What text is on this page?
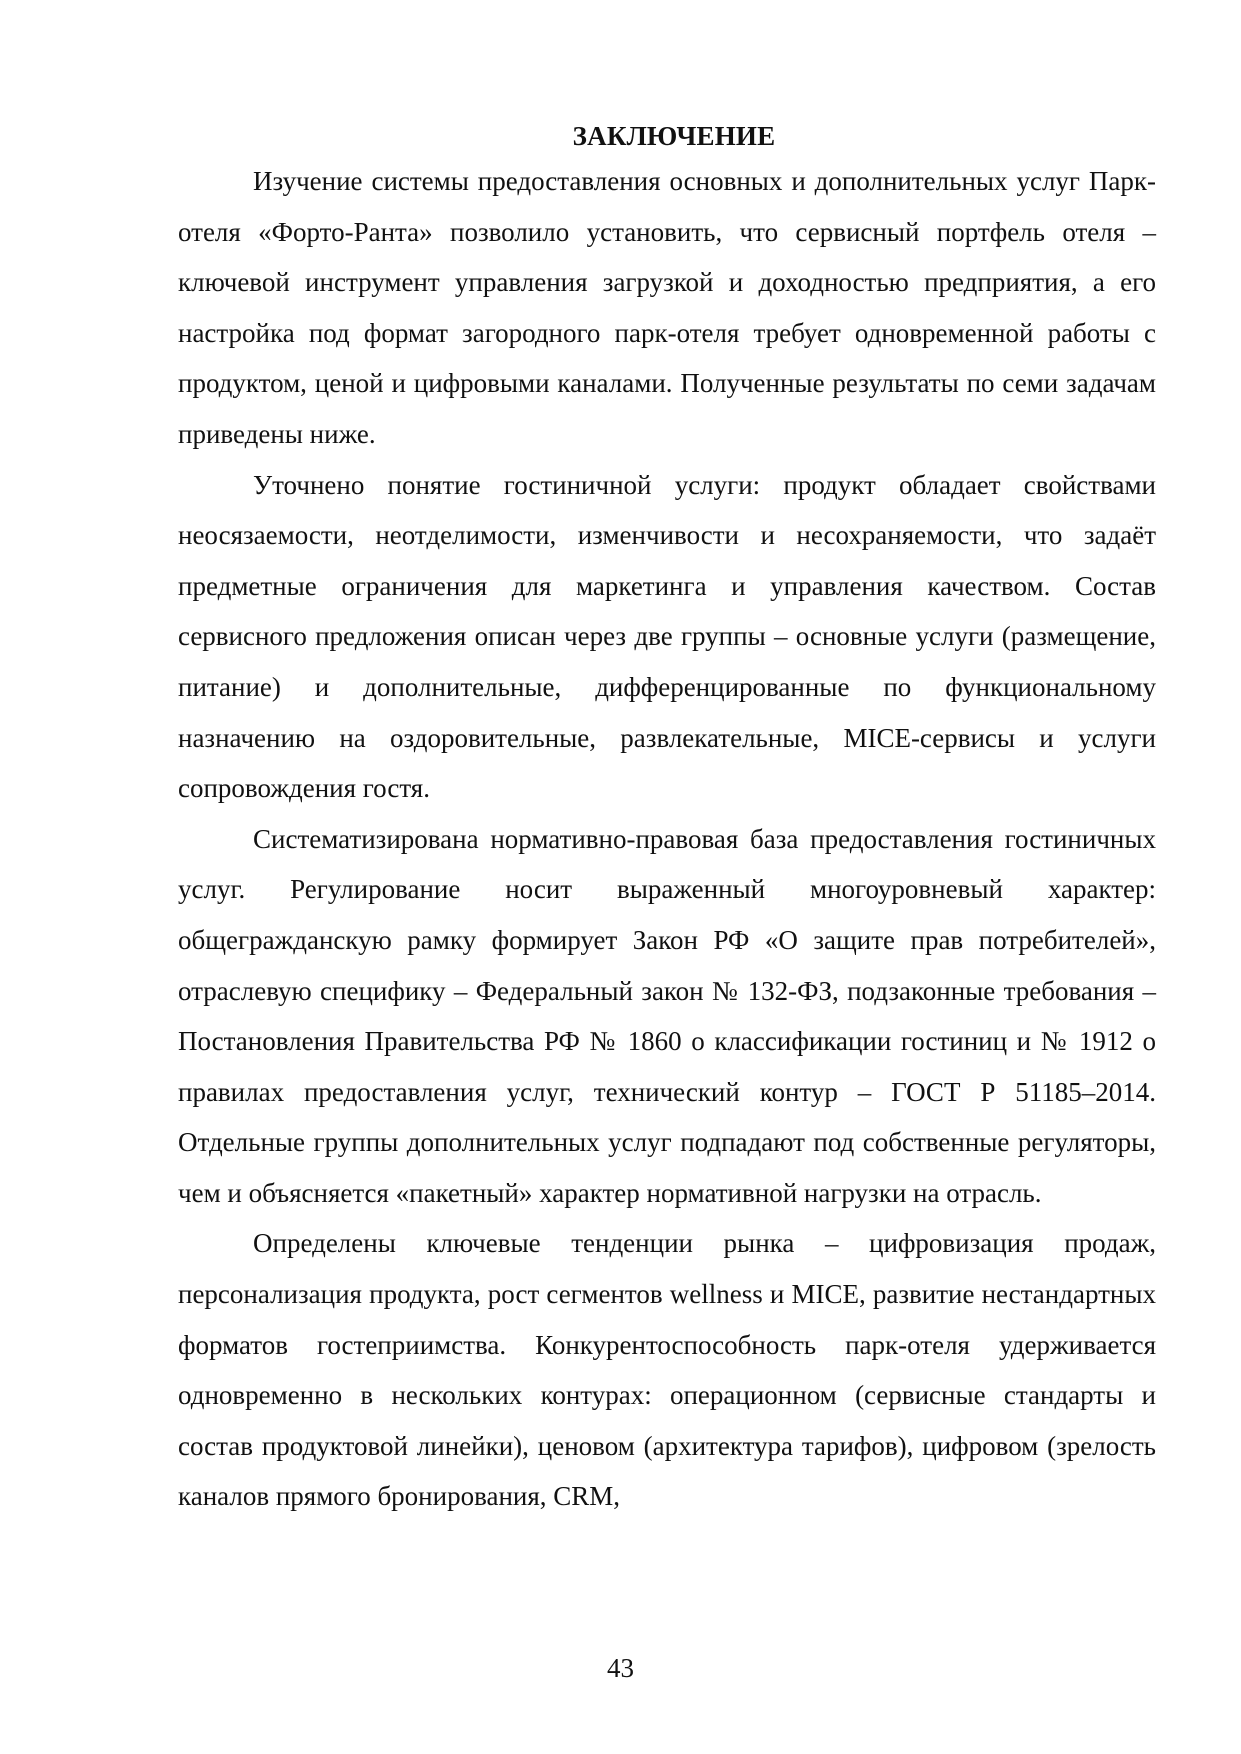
ЗАКЛЮЧЕНИЕ

Изучение системы предоставления основных и дополнительных услуг Парк-отеля «Форто-Ранта» позволило установить, что сервисный портфель отеля – ключевой инструмент управления загрузкой и доходностью предприятия, а его настройка под формат загородного парк-отеля требует одновременной работы с продуктом, ценой и цифровыми каналами. Полученные результаты по семи задачам приведены ниже.

Уточнено понятие гостиничной услуги: продукт обладает свойствами неосязаемости, неотделимости, изменчивости и несохраняемости, что задаёт предметные ограничения для маркетинга и управления качеством. Состав сервисного предложения описан через две группы – основные услуги (размещение, питание) и дополнительные, дифференцированные по функциональному назначению на оздоровительные, развлекательные, MICE-сервисы и услуги сопровождения гостя.

Систематизирована нормативно-правовая база предоставления гостиничных услуг. Регулирование носит выраженный многоуровневый характер: общегражданскую рамку формирует Закон РФ «О защите прав потребителей», отраслевую специфику – Федеральный закон № 132-ФЗ, подзаконные требования – Постановления Правительства РФ № 1860 о классификации гостиниц и № 1912 о правилах предоставления услуг, технический контур – ГОСТ Р 51185–2014. Отдельные группы дополнительных услуг подпадают под собственные регуляторы, чем и объясняется «пакетный» характер нормативной нагрузки на отрасль.

Определены ключевые тенденции рынка – цифровизация продаж, персонализация продукта, рост сегментов wellness и MICE, развитие нестандартных форматов гостеприимства. Конкурентоспособность парк-отеля удерживается одновременно в нескольких контурах: операционном (сервисные стандарты и состав продуктовой линейки), ценовом (архитектура тарифов), цифровом (зрелость каналов прямого бронирования, CRM,

43
